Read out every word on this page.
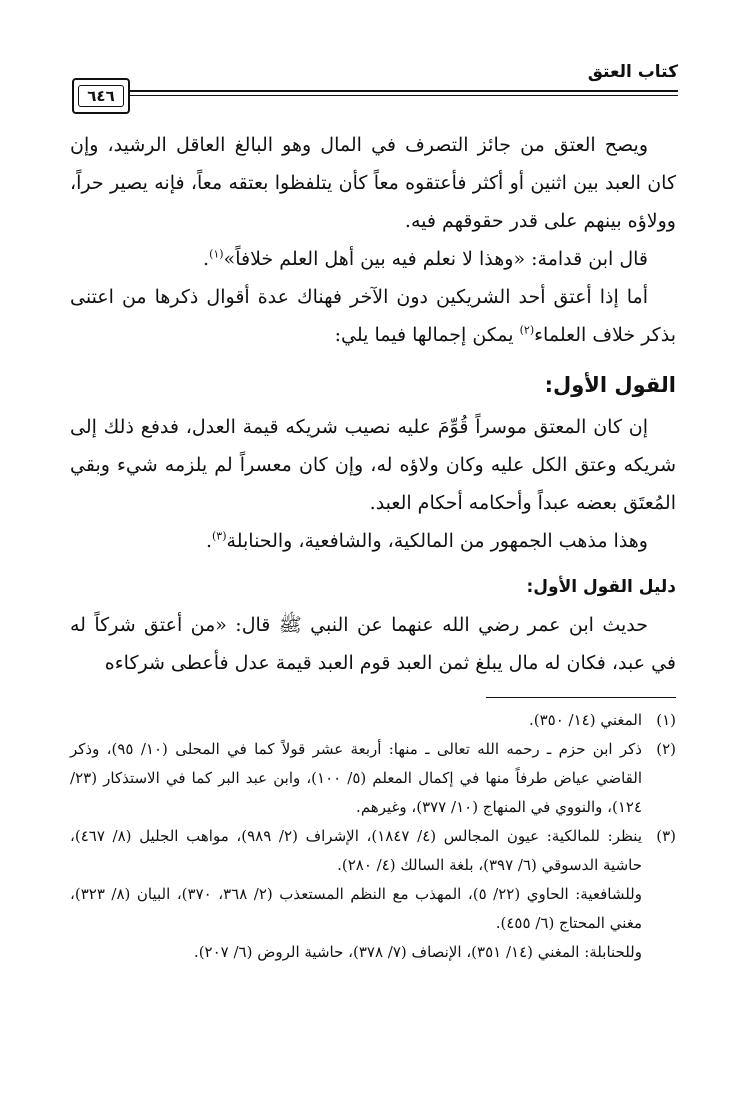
كتاب العتق
٦٤٦

ويصح العتق من جائز التصرف في المال وهو البالغ العاقل الرشيد، وإن كان العبد بين اثنين أو أكثر فأعتقوه معاً كأن يتلفظوا بعتقه معاً، فإنه يصير حراً، وولاؤه بينهم على قدر حقوقهم فيه.

قال ابن قدامة: «وهذا لا نعلم فيه بين أهل العلم خلافاً»$^{(١)}$.

أما إذا أعتق أحد الشريكين دون الآخر فهناك عدة أقوال ذكرها من اعتنى بذكر خلاف العلماء$^{(٢)}$ يمكن إجمالها فيما يلي:

القول الأول:

إن كان المعتق موسراً قُوِّمَ عليه نصيب شريكه قيمة العدل، فدفع ذلك إلى شريكه وعتق الكل عليه وكان ولاؤه له، وإن كان معسراً لم يلزمه شيء وبقي المُعتَق بعضه عبداً وأحكامه أحكام العبد.

وهذا مذهب الجمهور من المالكية، والشافعية، والحنابلة$^{(٣)}$.

دليل القول الأول:

حديث ابن عمر رضي الله عنهما عن النبي ﷺ قال: «من أعتق شركاً له في عبد، فكان له مال يبلغ ثمن العبد قوم العبد قيمة عدل فأعطى شركاءه

(١)
المغني (١٤/ ٣٥٠).
(٢)
ذكر ابن حزم ـ رحمه الله تعالى ـ منها: أربعة عشر قولاً كما في المحلى (١٠/ ٩٥)، وذكر القاضي عياض طرفاً منها في إكمال المعلم (٥/ ١٠٠)، وابن عبد البر كما في الاستذكار (٢٣/ ١٢٤)، والنووي في المنهاج (١٠/ ٣٧٧)، وغيرهم.
(٣)
ينظر: للمالكية: عيون المجالس (٤/ ١٨٤٧)، الإشراف (٢/ ٩٨٩)، مواهب الجليل (٨/ ٤٦٧)، حاشية الدسوقي (٦/ ٣٩٧)، بلغة السالك (٤/ ٢٨٠).
وللشافعية: الحاوي (٢٢/ ٥)، المهذب مع النظم المستعذب (٢/ ٣٦٨، ٣٧٠)، البيان (٨/ ٣٢٣)، مغني المحتاج (٦/ ٤٥٥).
وللحنابلة: المغني (١٤/ ٣٥١)، الإنصاف (٧/ ٣٧٨)، حاشية الروض (٦/ ٢٠٧).
